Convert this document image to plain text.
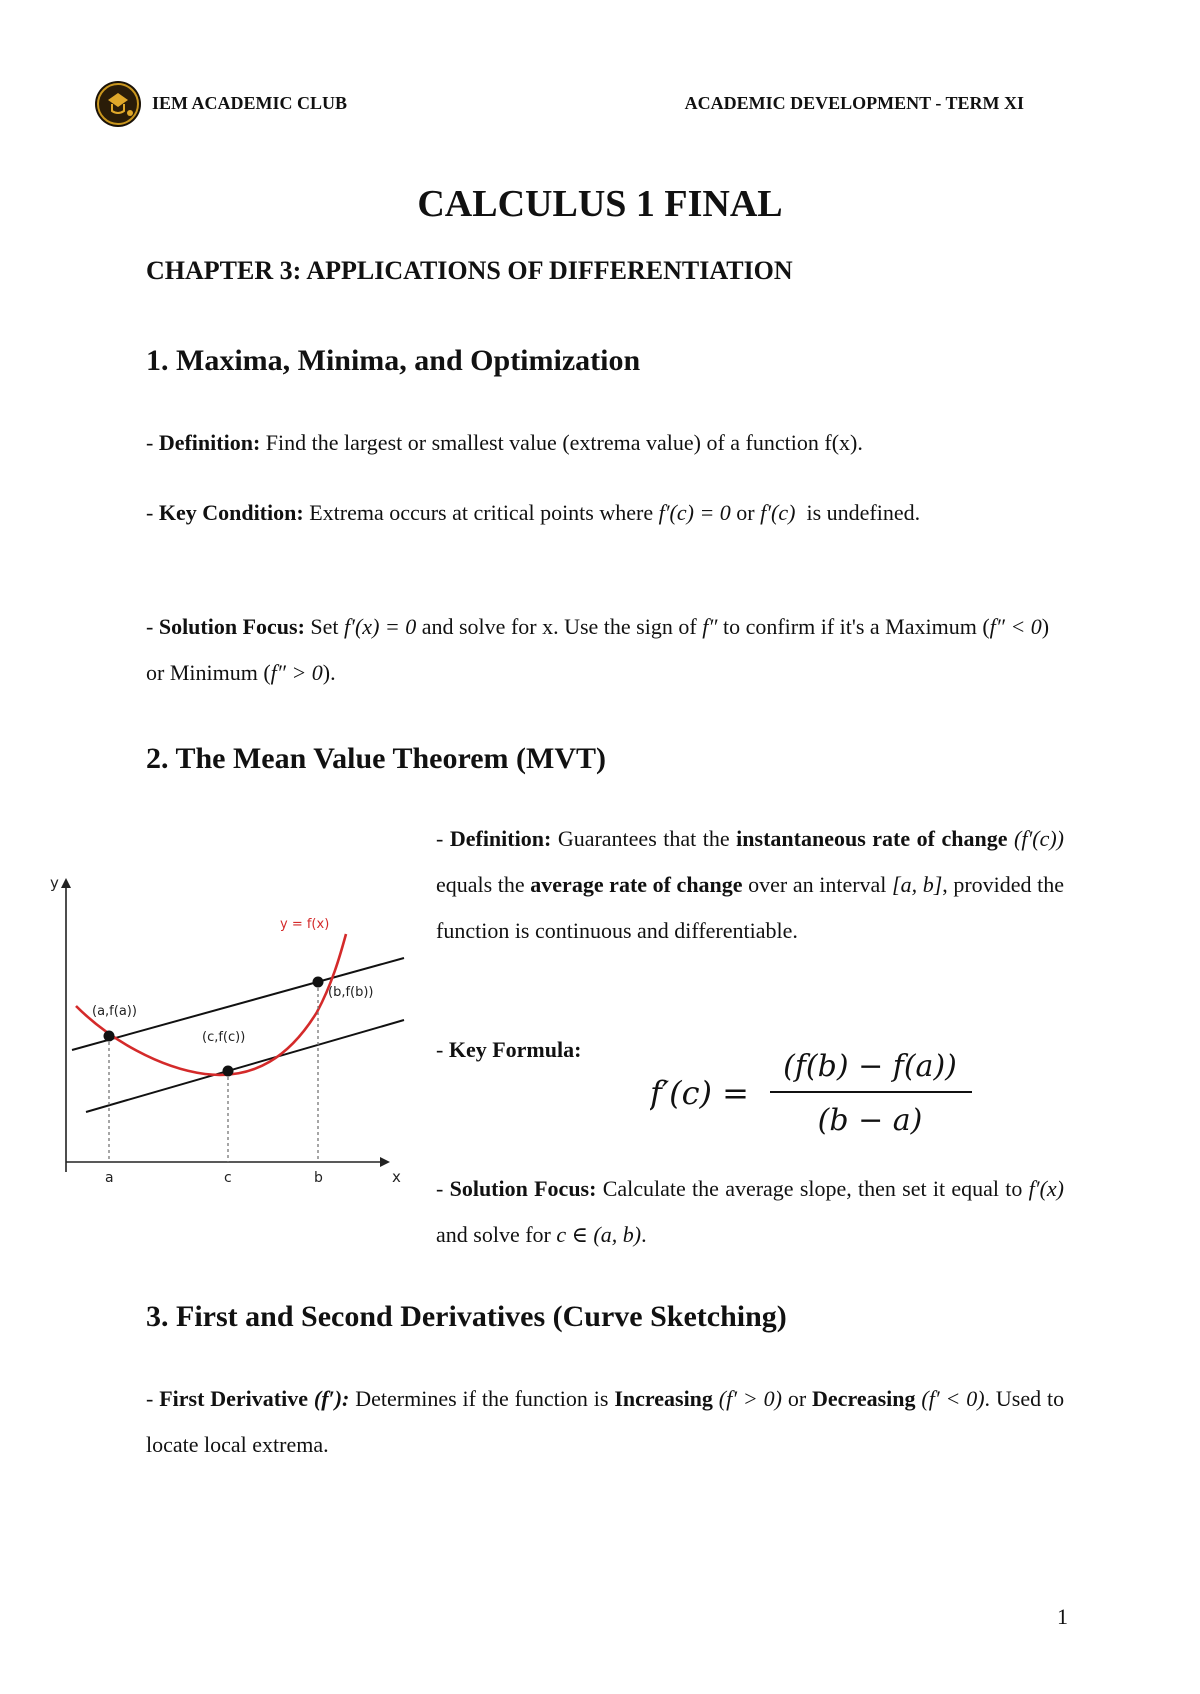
IEM ACADEMIC CLUB	ACADEMIC DEVELOPMENT - TERM XI
CALCULUS 1 FINAL
CHAPTER 3: APPLICATIONS OF DIFFERENTIATION
1. Maxima, Minima, and Optimization
- Definition: Find the largest or smallest value (extrema value) of a function f(x).
- Key Condition: Extrema occurs at critical points where f′(c) = 0 or f′(c) is undefined.
- Solution Focus: Set f′(x) = 0 and solve for x. Use the sign of f″ to confirm if it's a Maximum (f″ < 0) or Minimum (f″ > 0).
2. The Mean Value Theorem (MVT)
y
x
y = f(x)
(a,f(a))
(c,f(c))
(b,f(b))
a	c	b
- Definition: Guarantees that the instantaneous rate of change (f′(c)) equals the average rate of change over an interval [a, b], provided the function is continuous and differentiable.
- Key Formula:
f′(c) =
(f(b) − f(a))
(b − a)
- Solution Focus: Calculate the average slope, then set it equal to f′(x) and solve for c ∈ (a, b).
3. First and Second Derivatives (Curve Sketching)
- First Derivative (f′): Determines if the function is Increasing (f′ > 0) or Decreasing (f′ < 0). Used to locate local extrema.
1
